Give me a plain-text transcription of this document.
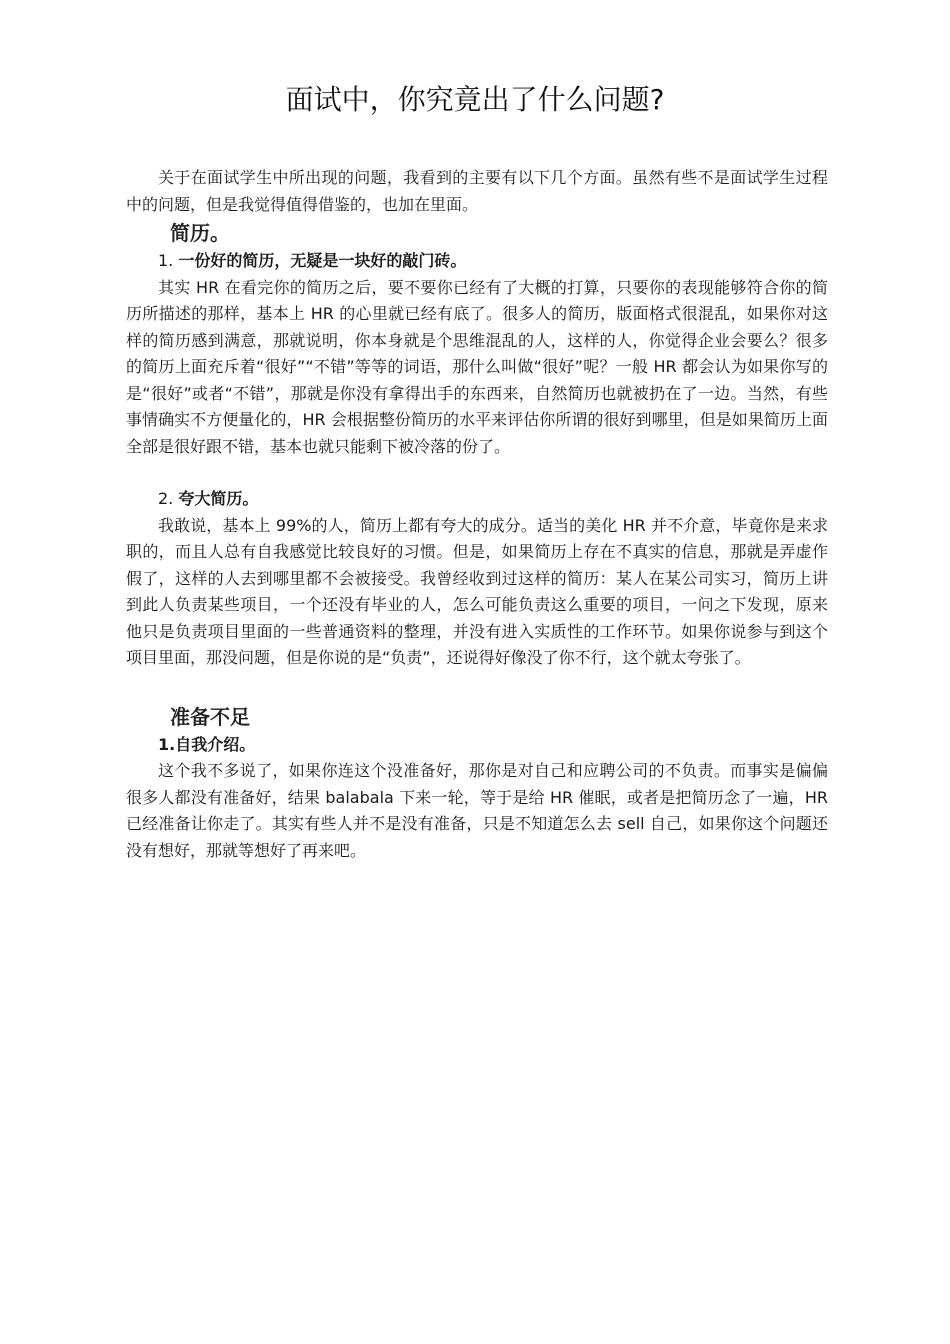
面试中，你究竟出了什么问题?

关于在面试学生中所出现的问题，我看到的主要有以下几个方面。虽然有些不是面试学生过程中的问题，但是我觉得值得借鉴的，也加在里面。

简历。
1. 一份好的简历，无疑是一块好的敲门砖。

其实 HR 在看完你的简历之后，要不要你已经有了大概的打算，只要你的表现能够符合你的简历所描述的那样，基本上 HR 的心里就已经有底了。很多人的简历，版面格式很混乱，如果你对这样的简历感到满意，那就说明，你本身就是个思维混乱的人，这样的人，你觉得企业会要么？很多的简历上面充斥着“很好”“不错”等等的词语，那什么叫做“很好”呢？一般 HR 都会认为如果你写的是“很好”或者“不错”，那就是你没有拿得出手的东西来，自然简历也就被扔在了一边。当然，有些事情确实不方便量化的，HR 会根据整份简历的水平来评估你所谓的很好到哪里，但是如果简历上面全部是很好跟不错，基本也就只能剩下被冷落的份了。

2. 夸大简历。

我敢说，基本上 99%的人，简历上都有夸大的成分。适当的美化 HR 并不介意，毕竟你是来求职的，而且人总有自我感觉比较良好的习惯。但是，如果简历上存在不真实的信息，那就是弄虚作假了，这样的人去到哪里都不会被接受。我曾经收到过这样的简历：某人在某公司实习，简历上讲到此人负责某些项目，一个还没有毕业的人，怎么可能负责这么重要的项目，一问之下发现，原来他只是负责项目里面的一些普通资料的整理，并没有进入实质性的工作环节。如果你说参与到这个项目里面，那没问题，但是你说的是“负责”，还说得好像没了你不行，这个就太夸张了。

准备不足
1.自我介绍。

这个我不多说了，如果你连这个没准备好，那你是对自己和应聘公司的不负责。而事实是偏偏很多人都没有准备好，结果 balabala 下来一轮，等于是给 HR 催眠，或者是把简历念了一遍，HR 已经准备让你走了。其实有些人并不是没有准备，只是不知道怎么去 sell 自己，如果你这个问题还没有想好，那就等想好了再来吧。
